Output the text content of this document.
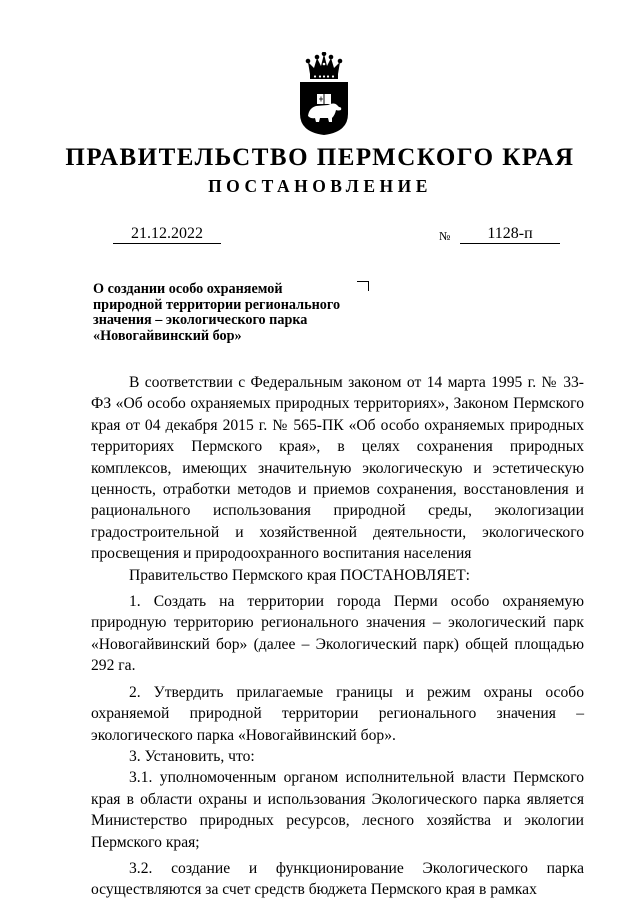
ПРАВИТЕЛЬСТВО ПЕРМСКОГО КРАЯ
ПОСТАНОВЛЕНИЕ
21.12.2022	№	1128-п
О создании особо охраняемой
природной территории регионального
значения – экологического парка
«Новогайвинский бор»

В соответствии с Федеральным законом от 14 марта 1995 г. № 33-ФЗ «Об особо охраняемых природных территориях», Законом Пермского края от 04 декабря 2015 г. № 565-ПК «Об особо охраняемых природных территориях Пермского края», в целях сохранения природных комплексов, имеющих значительную экологическую и эстетическую ценность, отработки методов и приемов сохранения, восстановления и рационального использования природной среды, экологизации градостроительной и хозяйственной деятельности, экологического просвещения и природоохранного воспитания населения

Правительство Пермского края ПОСТАНОВЛЯЕТ:

1. Создать на территории города Перми особо охраняемую природную территорию регионального значения – экологический парк «Новогайвинский бор» (далее – Экологический парк) общей площадью 292 га.

2. Утвердить прилагаемые границы и режим охраны особо охраняемой природной территории регионального значения – экологического парка «Новогайвинский бор».

3. Установить, что:

3.1. уполномоченным органом исполнительной власти Пермского края в области охраны и использования Экологического парка является Министерство природных ресурсов, лесного хозяйства и экологии Пермского края;

3.2. создание и функционирование Экологического парка осуществляются за счет средств бюджета Пермского края в рамках
